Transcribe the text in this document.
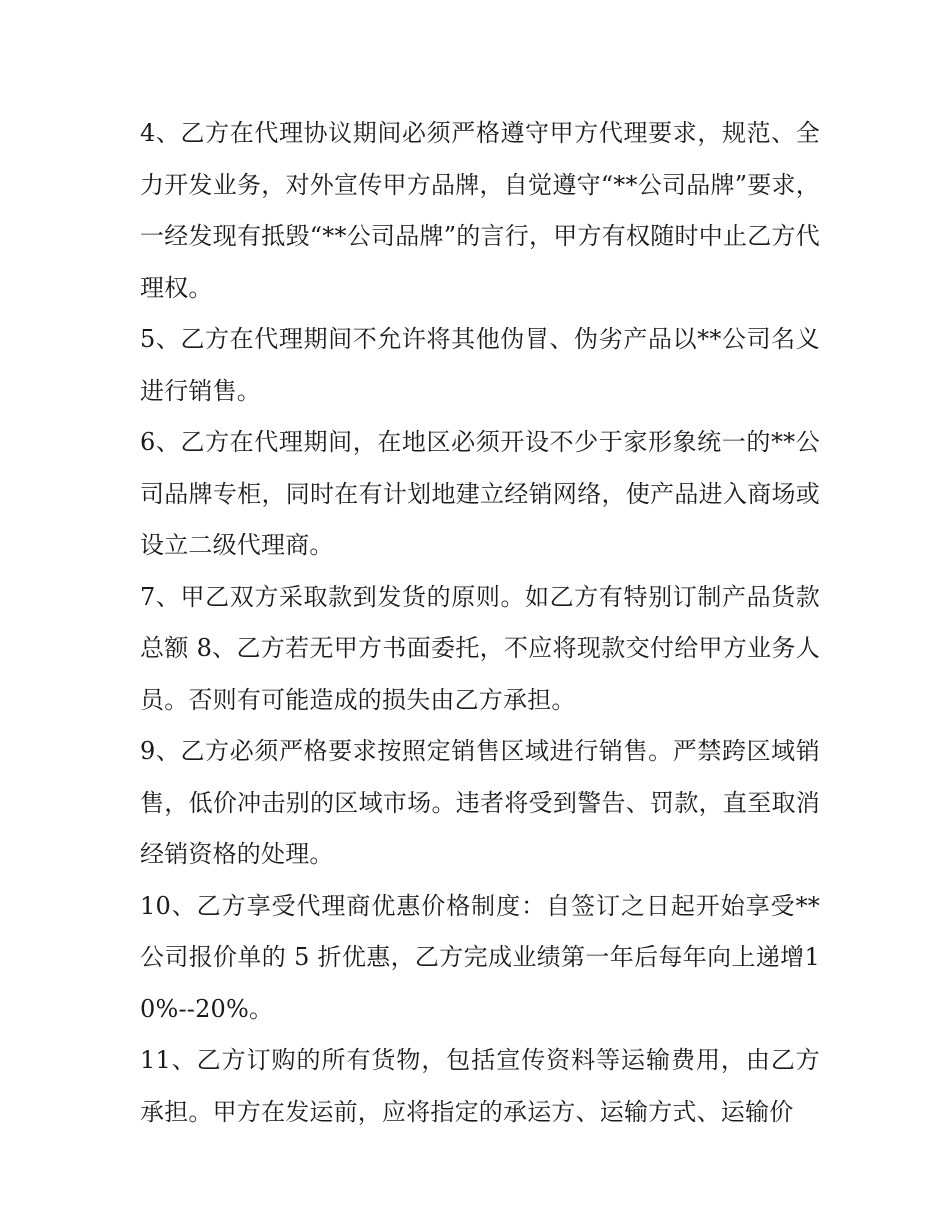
4、乙方在代理协议期间必须严格遵守甲方代理要求，规范、全力开发业务，对外宣传甲方品牌，自觉遵守“**公司品牌”要求，一经发现有抵毁“**公司品牌”的言行，甲方有权随时中止乙方代理权。

5、乙方在代理期间不允许将其他伪冒、伪劣产品以**公司名义进行销售。

6、乙方在代理期间，在地区必须开设不少于家形象统一的**公司品牌专柜，同时在有计划地建立经销网络，使产品进入商场或设立二级代理商。

7、甲乙双方采取款到发货的原则。如乙方有特别订制产品货款总额 8、乙方若无甲方书面委托，不应将现款交付给甲方业务人员。否则有可能造成的损失由乙方承担。

9、乙方必须严格要求按照定销售区域进行销售。严禁跨区域销售，低价冲击别的区域市场。违者将受到警告、罚款，直至取消经销资格的处理。

10、乙方享受代理商优惠价格制度：自签订之日起开始享受**公司报价单的 5 折优惠，乙方完成业绩第一年后每年向上递增10%--20%。

11、乙方订购的所有货物，包括宣传资料等运输费用，由乙方承担。甲方在发运前，应将指定的承运方、运输方式、运输价
